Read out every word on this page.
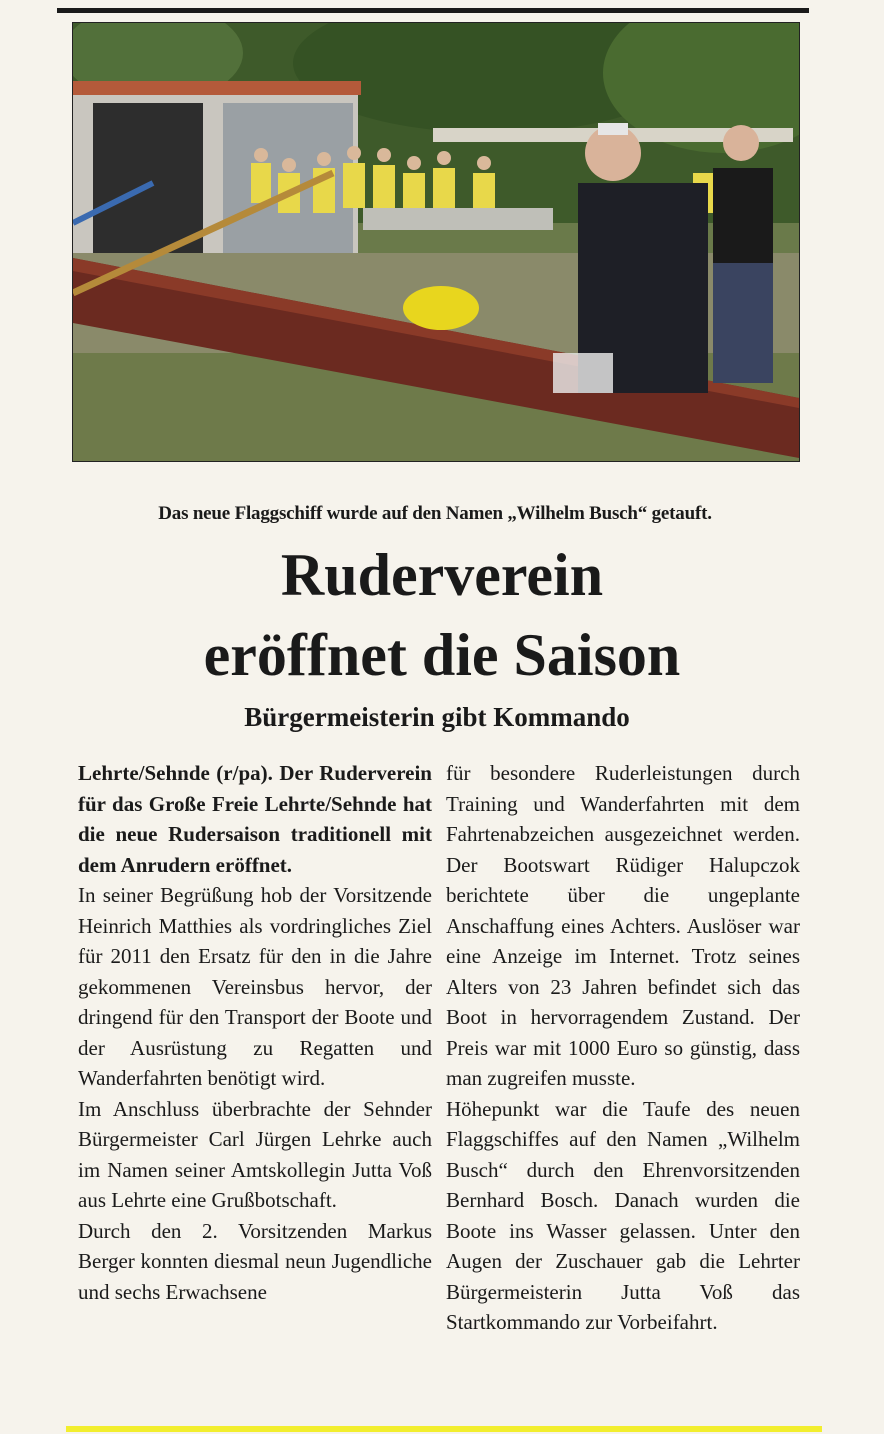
Das neue Flaggschiff wurde auf den Namen „Wilhelm Busch“ getauft.
Ruderverein
eröffnet die Saison
Bürgermeisterin gibt Kommando

Lehrte/Sehnde (r/pa). Der Ruderverein für das Große Freie Lehrte/Sehnde hat die neue Rudersaison traditionell mit dem Anrudern eröffnet.

In seiner Begrüßung hob der Vorsitzende Heinrich Matthies als vordringliches Ziel für 2011 den Ersatz für den in die Jahre gekommenen Vereinsbus hervor, der dringend für den Transport der Boote und der Ausrüstung zu Regatten und Wanderfahrten benötigt wird.

Im Anschluss überbrachte der Sehnder Bürgermeister Carl Jürgen Lehrke auch im Namen seiner Amtskollegin Jutta Voß aus Lehrte eine Grußbotschaft.

Durch den 2. Vorsitzenden Markus Berger konnten diesmal neun Jugendliche und sechs Erwachsene

für besondere Ruderleistungen durch Training und Wanderfahrten mit dem Fahrtenabzeichen ausgezeichnet werden. Der Bootswart Rüdiger Halupczok berichtete über die ungeplante Anschaffung eines Achters. Auslöser war eine Anzeige im Internet. Trotz seines Alters von 23 Jahren befindet sich das Boot in hervorragendem Zustand. Der Preis war mit 1000 Euro so günstig, dass man zugreifen musste.

Höhepunkt war die Taufe des neuen Flaggschiffes auf den Namen „Wilhelm Busch“ durch den Ehrenvorsitzenden Bernhard Bosch. Danach wurden die Boote ins Wasser gelassen. Unter den Augen der Zuschauer gab die Lehrter Bürgermeisterin Jutta Voß das Startkommando zur Vorbeifahrt.
